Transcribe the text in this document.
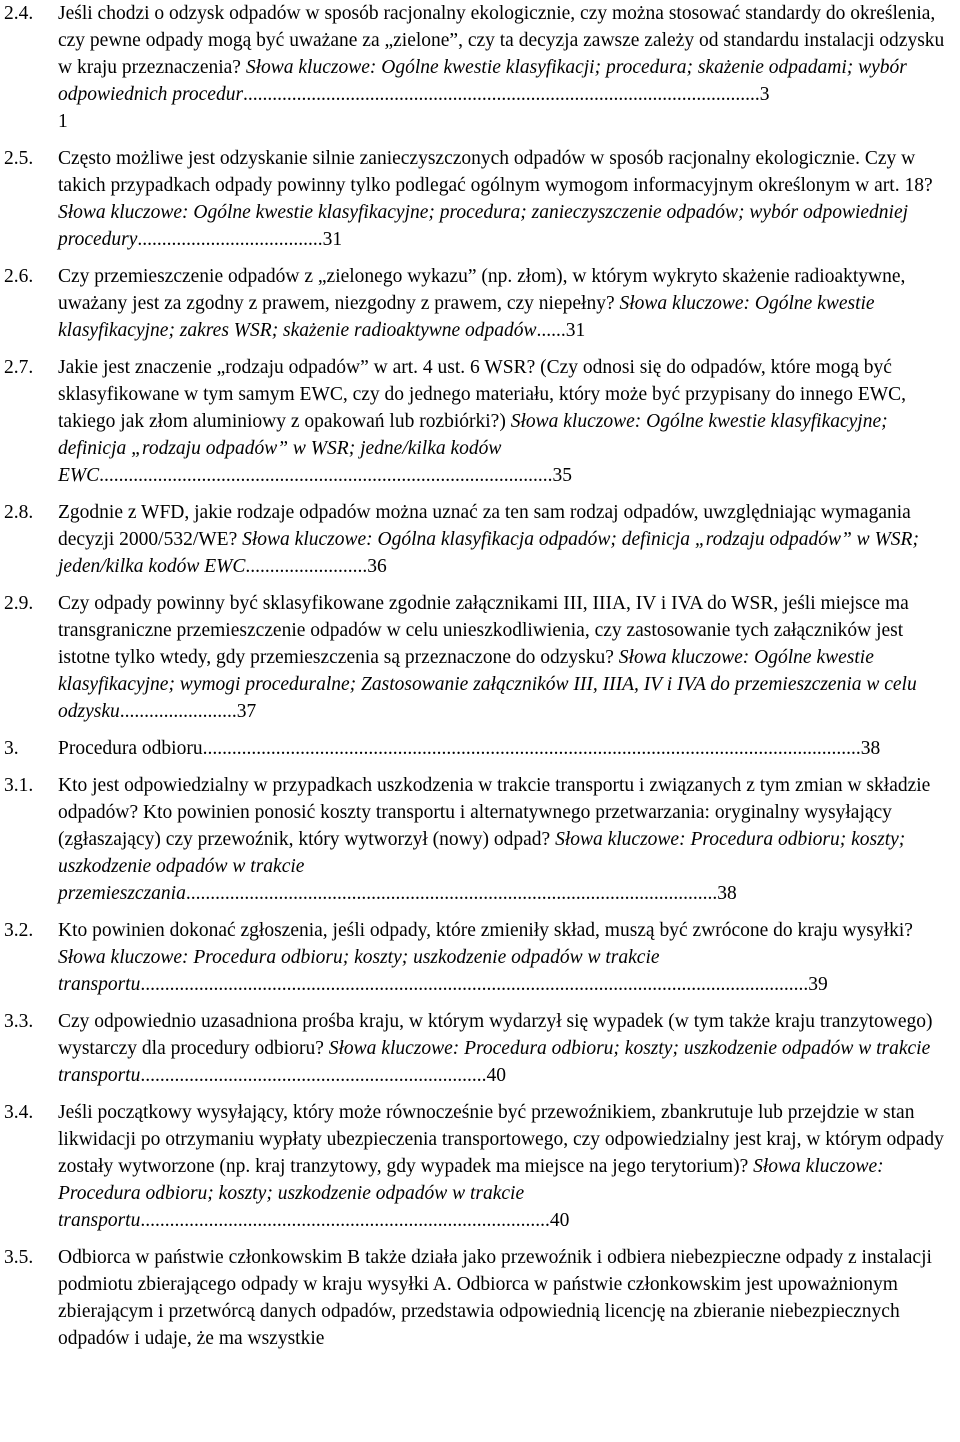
2.4.	Jeśli chodzi o odzysk odpadów w sposób racjonalny ekologicznie, czy można stosować standardy do określenia, czy pewne odpady mogą być uważane za „zielone”, czy ta decyzja zawsze zależy od standardu instalacji odzysku w kraju przeznaczenia? Słowa kluczowe: Ogólne kwestie klasyfikacji; procedura; skażenie odpadami; wybór odpowiednich procedur..........................................................................................................3
1
2.5.	Często możliwe jest odzyskanie silnie zanieczyszczonych odpadów w sposób racjonalny ekologicznie. Czy w takich przypadkach odpady powinny tylko podlegać ogólnym wymogom informacyjnym określonym w art. 18? Słowa kluczowe: Ogólne kwestie klasyfikacyjne; procedura; zanieczyszczenie odpadów; wybór odpowiedniej procedury......................................31
2.6.	Czy przemieszczenie odpadów z „zielonego wykazu” (np. złom), w którym wykryto skażenie radioaktywne, uważany jest za zgodny z prawem, niezgodny z prawem, czy niepełny? Słowa kluczowe: Ogólne kwestie klasyfikacyjne; zakres WSR; skażenie radioaktywne odpadów......31
2.7.	Jakie jest znaczenie „rodzaju odpadów” w art. 4 ust. 6 WSR? (Czy odnosi się do odpadów, które mogą być sklasyfikowane w tym samym EWC, czy do jednego materiału, który może być przypisany do innego EWC, takiego jak złom aluminiowy z opakowań lub rozbiórki?) Słowa kluczowe: Ogólne kwestie klasyfikacyjne; definicja „rodzaju odpadów” w WSR; jedne/kilka kodów EWC.............................................................................................35
2.8.	Zgodnie z WFD, jakie rodzaje odpadów można uznać za ten sam rodzaj odpadów, uwzględniając wymagania decyzji 2000/532/WE? Słowa kluczowe: Ogólna klasyfikacja odpadów; definicja „rodzaju odpadów” w WSR; jeden/kilka kodów EWC.........................36
2.9.	Czy odpady powinny być sklasyfikowane zgodnie załącznikami III, IIIA, IV i IVA do WSR, jeśli miejsce ma transgraniczne przemieszczenie odpadów w celu unieszkodliwienia, czy zastosowanie tych załączników jest istotne tylko wtedy, gdy przemieszczenia są przeznaczone do odzysku? Słowa kluczowe: Ogólne kwestie klasyfikacyjne; wymogi proceduralne; Zastosowanie załączników III, IIIA, IV i IVA do przemieszczenia w celu odzysku........................37
3.	Procedura odbioru.......................................................................................................................................38
3.1.	Kto jest odpowiedzialny w przypadkach uszkodzenia w trakcie transportu i związanych z tym zmian w składzie odpadów? Kto powinien ponosić koszty transportu i alternatywnego przetwarzania: oryginalny wysyłający (zgłaszający) czy przewoźnik, który wytworzył (nowy) odpad? Słowa kluczowe: Procedura odbioru; koszty; uszkodzenie odpadów w trakcie przemieszczania.............................................................................................................38
3.2.	Kto powinien dokonać zgłoszenia, jeśli odpady, które zmieniły skład, muszą być zwrócone do kraju wysyłki? Słowa kluczowe: Procedura odbioru; koszty; uszkodzenie odpadów w trakcie transportu.........................................................................................................................................39
3.3.	Czy odpowiednio uzasadniona prośba kraju, w którym wydarzył się wypadek (w tym także kraju tranzytowego) wystarczy dla procedury odbioru? Słowa kluczowe: Procedura odbioru; koszty; uszkodzenie odpadów w trakcie transportu.......................................................................40
3.4.	Jeśli początkowy wysyłający, który może równocześnie być przewoźnikiem, zbankrutuje lub przejdzie w stan likwidacji po otrzymaniu wypłaty ubezpieczenia transportowego, czy odpowiedzialny jest kraj, w którym odpady zostały wytworzone (np. kraj tranzytowy, gdy wypadek ma miejsce na jego terytorium)? Słowa kluczowe: Procedura odbioru; koszty; uszkodzenie odpadów w trakcie transportu....................................................................................40
3.5.	Odbiorca w państwie członkowskim B także działa jako przewoźnik i odbiera niebezpieczne odpady z instalacji podmiotu zbierającego odpady w kraju wysyłki A. Odbiorca w państwie członkowskim jest upoważnionym zbierającym i przetwórcą danych odpadów, przedstawia odpowiednią licencję na zbieranie niebezpiecznych odpadów i udaje, że ma wszystkie
